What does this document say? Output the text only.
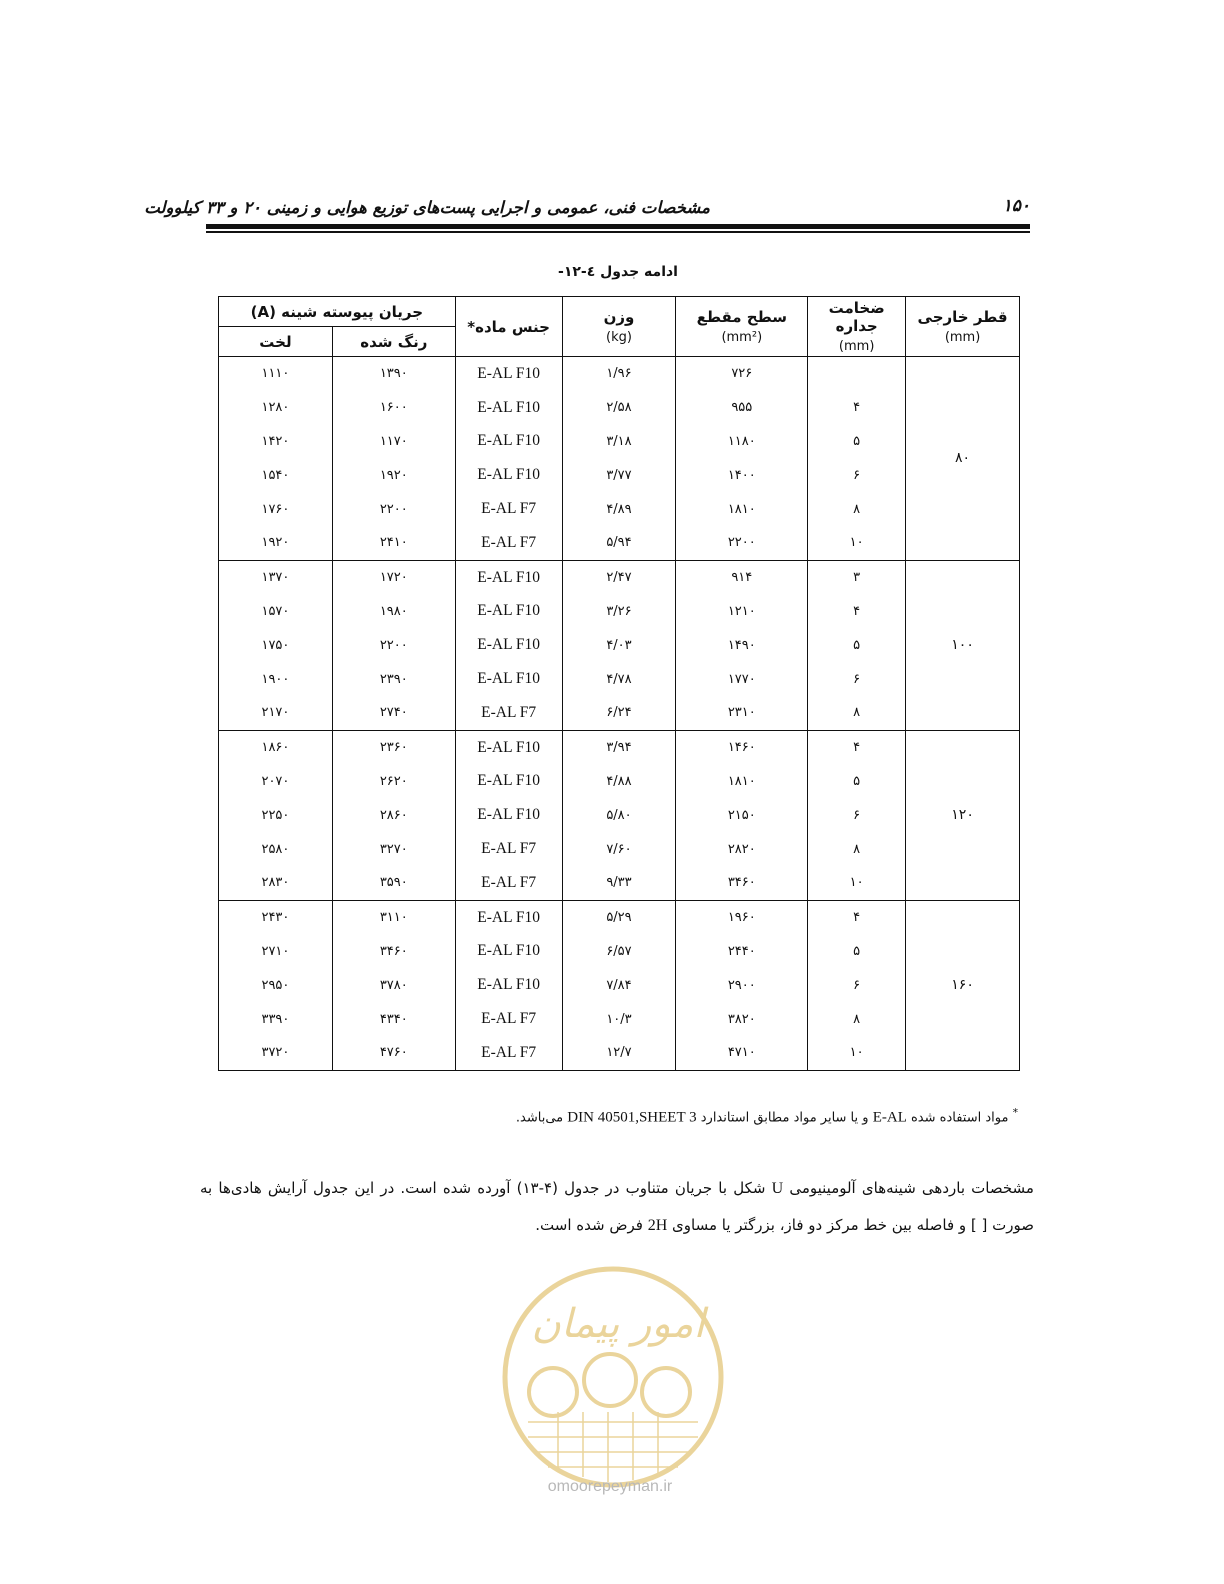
۱۵۰
مشخصات فنی، عمومی و اجرایی پست‌های توزیع هوایی و زمینی ۲۰ و ۳۳ کیلوولت
ادامه جدول ٤-١٢-
قطر خارجی
(mm)	ضخامت جداره
(mm)	سطح مقطع
(mm²)	وزن
(kg)	جنس ماده*	جریان پیوسته شینه (A)	
					رنگ شده	لخت
۸۰		۷۲۶	۱/۹۶	E-AL F10	۱۳۹۰	۱۱۱۰
	۴	۹۵۵	۲/۵۸	E-AL F10	۱۶۰۰	۱۲۸۰
	۵	۱۱۸۰	۳/۱۸	E-AL F10	۱۱۷۰	۱۴۲۰
	۶	۱۴۰۰	۳/۷۷	E-AL F10	۱۹۲۰	۱۵۴۰
	۸	۱۸۱۰	۴/۸۹	E-AL F7	۲۲۰۰	۱۷۶۰
	۱۰	۲۲۰۰	۵/۹۴	E-AL F7	۲۴۱۰	۱۹۲۰
۱۰۰	۳	۹۱۴	۲/۴۷	E-AL F10	۱۷۲۰	۱۳۷۰
	۴	۱۲۱۰	۳/۲۶	E-AL F10	۱۹۸۰	۱۵۷۰
	۵	۱۴۹۰	۴/۰۳	E-AL F10	۲۲۰۰	۱۷۵۰
	۶	۱۷۷۰	۴/۷۸	E-AL F10	۲۳۹۰	۱۹۰۰
	۸	۲۳۱۰	۶/۲۴	E-AL F7	۲۷۴۰	۲۱۷۰
۱۲۰	۴	۱۴۶۰	۳/۹۴	E-AL F10	۲۳۶۰	۱۸۶۰
	۵	۱۸۱۰	۴/۸۸	E-AL F10	۲۶۲۰	۲۰۷۰
	۶	۲۱۵۰	۵/۸۰	E-AL F10	۲۸۶۰	۲۲۵۰
	۸	۲۸۲۰	۷/۶۰	E-AL F7	۳۲۷۰	۲۵۸۰
	۱۰	۳۴۶۰	۹/۳۳	E-AL F7	۳۵۹۰	۲۸۳۰
۱۶۰	۴	۱۹۶۰	۵/۲۹	E-AL F10	۳۱۱۰	۲۴۳۰
	۵	۲۴۴۰	۶/۵۷	E-AL F10	۳۴۶۰	۲۷۱۰
	۶	۲۹۰۰	۷/۸۴	E-AL F10	۳۷۸۰	۲۹۵۰
	۸	۳۸۲۰	۱۰/۳	E-AL F7	۴۳۴۰	۳۳۹۰
	۱۰	۴۷۱۰	۱۲/۷	E-AL F7	۴۷۶۰	۳۷۲۰
* مواد استفاده شده E-AL و یا سایر مواد مطابق استاندارد DIN 40501,SHEET 3 می‌باشد.
مشخصات باردهی شینه‌های آلومینیومی U شکل با جریان متناوب در جدول (۴-۱۳) آورده شده است. در این جدول آرایش هادی‌ها به صورت [ ] و فاصله بین خط مرکز دو فاز، بزرگتر یا مساوی 2H فرض شده است.
امور پیمان
omoorepeyman.ir
